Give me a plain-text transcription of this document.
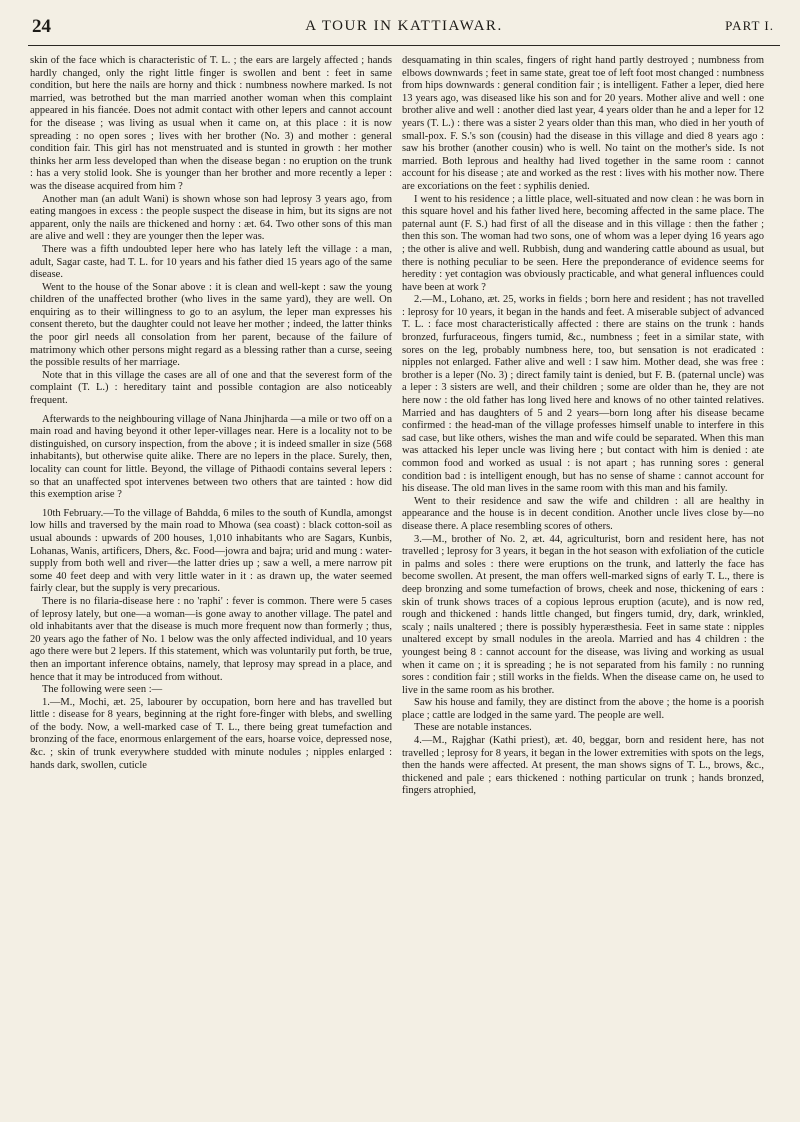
24	A TOUR IN KATTIAWAR.	PART I.

skin of the face which is characteristic of T. L. ; the ears are largely affected ; hands hardly changed, only the right little finger is swollen and bent : feet in same condition, but here the nails are horny and thick : numbness nowhere marked. Is not married, was betrothed but the man married another woman when this complaint appeared in his fiancée. Does not admit contact with other lepers and cannot account for the disease ; was living as usual when it came on, at this place : it is now spreading : no open sores ; lives with her brother (No. 3) and mother : general condition fair. This girl has not menstruated and is stunted in growth : her mother thinks her arm less developed than when the disease began : no eruption on the trunk : has a very stolid look. She is younger than her brother and more recently a leper : was the disease acquired from him ?

Another man (an adult Wani) is shown whose son had leprosy 3 years ago, from eating mangoes in excess : the people suspect the disease in him, but its signs are not apparent, only the nails are thickened and horny : æt. 64. Two other sons of this man are alive and well : they are younger then the leper was.

There was a fifth undoubted leper here who has lately left the village : a man, adult, Sagar caste, had T. L. for 10 years and his father died 15 years ago of the same disease.

Went to the house of the Sonar above : it is clean and well-kept : saw the young children of the unaffected brother (who lives in the same yard), they are well. On enquiring as to their willingness to go to an asylum, the leper man expresses his consent thereto, but the daughter could not leave her mother ; indeed, the latter thinks the poor girl needs all consolation from her parent, because of the failure of matrimony which other persons might regard as a blessing rather than a curse, seeing the possible results of her marriage.

Note that in this village the cases are all of one and that the severest form of the complaint (T. L.) : hereditary taint and possible contagion are also noticeably frequent.

Afterwards to the neighbouring village of Nana Jhinjharda —a mile or two off on a main road and having beyond it other leper-villages near. Here is a locality not to be distinguished, on cursory inspection, from the above ; it is indeed smaller in size (568 inhabitants), but otherwise quite alike. There are no lepers in the place. Surely, then, locality can count for little. Beyond, the village of Pithaodi contains several lepers : so that an unaffected spot intervenes between two others that are tainted : how did this exemption arise ?

10th February.—To the village of Bahdda, 6 miles to the south of Kundla, amongst low hills and traversed by the main road to Mhowa (sea coast) : black cotton-soil as usual abounds : upwards of 200 houses, 1,010 inhabitants who are Sagars, Kunbis, Lohanas, Wanis, artificers, Dhers, &c. Food—jowra and bajra; urid and mung : water-supply from both well and river—the latter dries up ; saw a well, a mere narrow pit some 40 feet deep and with very little water in it : as drawn up, the water seemed fairly clear, but the supply is very precarious.

There is no filaria-disease here : no 'raphi' : fever is common. There were 5 cases of leprosy lately, but one—a woman—is gone away to another village. The patel and old inhabitants aver that the disease is much more frequent now than formerly ; thus, 20 years ago the father of No. 1 below was the only affected individual, and 10 years ago there were but 2 lepers. If this statement, which was voluntarily put forth, be true, then an important inference obtains, namely, that leprosy may spread in a place, and hence that it may be introduced from without.

The following were seen :—

1.—M., Mochi, æt. 25, labourer by occupation, born here and has travelled but little : disease for 8 years, beginning at the right fore-finger with blebs, and swelling of the body. Now, a well-marked case of T. L., there being great tumefaction and bronzing of the face, enormous enlargement of the ears, hoarse voice, depressed nose, &c. ; skin of trunk everywhere studded with minute nodules ; nipples enlarged : hands dark, swollen, cuticle

desquamating in thin scales, fingers of right hand partly destroyed ; numbness from elbows downwards ; feet in same state, great toe of left foot most changed : numbness from hips downwards : general condition fair ; is intelligent. Father a leper, died here 13 years ago, was diseased like his son and for 20 years. Mother alive and well : one brother alive and well : another died last year, 4 years older than he and a leper for 12 years (T. L.) : there was a sister 2 years older than this man, who died in her youth of small-pox. F. S.'s son (cousin) had the disease in this village and died 8 years ago : saw his brother (another cousin) who is well. No taint on the mother's side. Is not married. Both leprous and healthy had lived together in the same room : cannot account for his disease ; ate and worked as the rest : lives with his mother now. There are excoriations on the feet : syphilis denied.

I went to his residence ; a little place, well-situated and now clean : he was born in this square hovel and his father lived here, becoming affected in the same place. The paternal aunt (F. S.) had first of all the disease and in this village : then the father ; then this son. The woman had two sons, one of whom was a leper dying 16 years ago ; the other is alive and well. Rubbish, dung and wandering cattle abound as usual, but there is nothing peculiar to be seen. Here the preponderance of evidence seems for heredity : yet contagion was obviously practicable, and what general influences could have been at work ?

2.—M., Lohano, æt. 25, works in fields ; born here and resident ; has not travelled : leprosy for 10 years, it began in the hands and feet. A miserable subject of advanced T. L. : face most characteristically affected : there are stains on the trunk : hands bronzed, furfuraceous, fingers tumid, &c., numbness ; feet in a similar state, with sores on the leg, probably numbness here, too, but sensation is not eradicated : nipples not enlarged. Father alive and well : I saw him. Mother dead, she was free : brother is a leper (No. 3) ; direct family taint is denied, but F. B. (paternal uncle) was a leper : 3 sisters are well, and their children ; some are older than he, they are not here now : the old father has long lived here and knows of no other tainted relatives. Married and has daughters of 5 and 2 years—born long after his disease became confirmed : the head-man of the village professes himself unable to interfere in this sad case, but like others, wishes the man and wife could be separated. When this man was attacked his leper uncle was living here ; but contact with him is denied : ate common food and worked as usual : is not apart ; has running sores : general condition bad : is intelligent enough, but has no sense of shame : cannot account for his disease. The old man lives in the same room with this man and his family.

Went to their residence and saw the wife and children : all are healthy in appearance and the house is in decent condition. Another uncle lives close by—no disease there. A place resembling scores of others.

3.—M., brother of No. 2, æt. 44, agriculturist, born and resident here, has not travelled ; leprosy for 3 years, it began in the hot season with exfoliation of the cuticle in palms and soles : there were eruptions on the trunk, and latterly the face has become swollen. At present, the man offers well-marked signs of early T. L., there is deep bronzing and some tumefaction of brows, cheek and nose, thickening of ears : skin of trunk shows traces of a copious leprous eruption (acute), and is now red, rough and thickened : hands little changed, but fingers tumid, dry, dark, wrinkled, scaly ; nails unaltered ; there is possibly hyperæsthesia. Feet in same state : nipples unaltered except by small nodules in the areola. Married and has 4 children : the youngest being 8 : cannot account for the disease, was living and working as usual when it came on ; it is spreading ; he is not separated from his family : no running sores : condition fair ; still works in the fields. When the disease came on, he used to live in the same room as his brother.

Saw his house and family, they are distinct from the above ; the home is a poorish place ; cattle are lodged in the same yard. The people are well.

These are notable instances.

4.—M., Rajghar (Kathi priest), æt. 40, beggar, born and resident here, has not travelled ; leprosy for 8 years, it began in the lower extremities with spots on the legs, then the hands were affected. At present, the man shows signs of T. L., brows, &c., thickened and pale ; ears thickened : nothing particular on trunk ; hands bronzed, fingers atrophied,
